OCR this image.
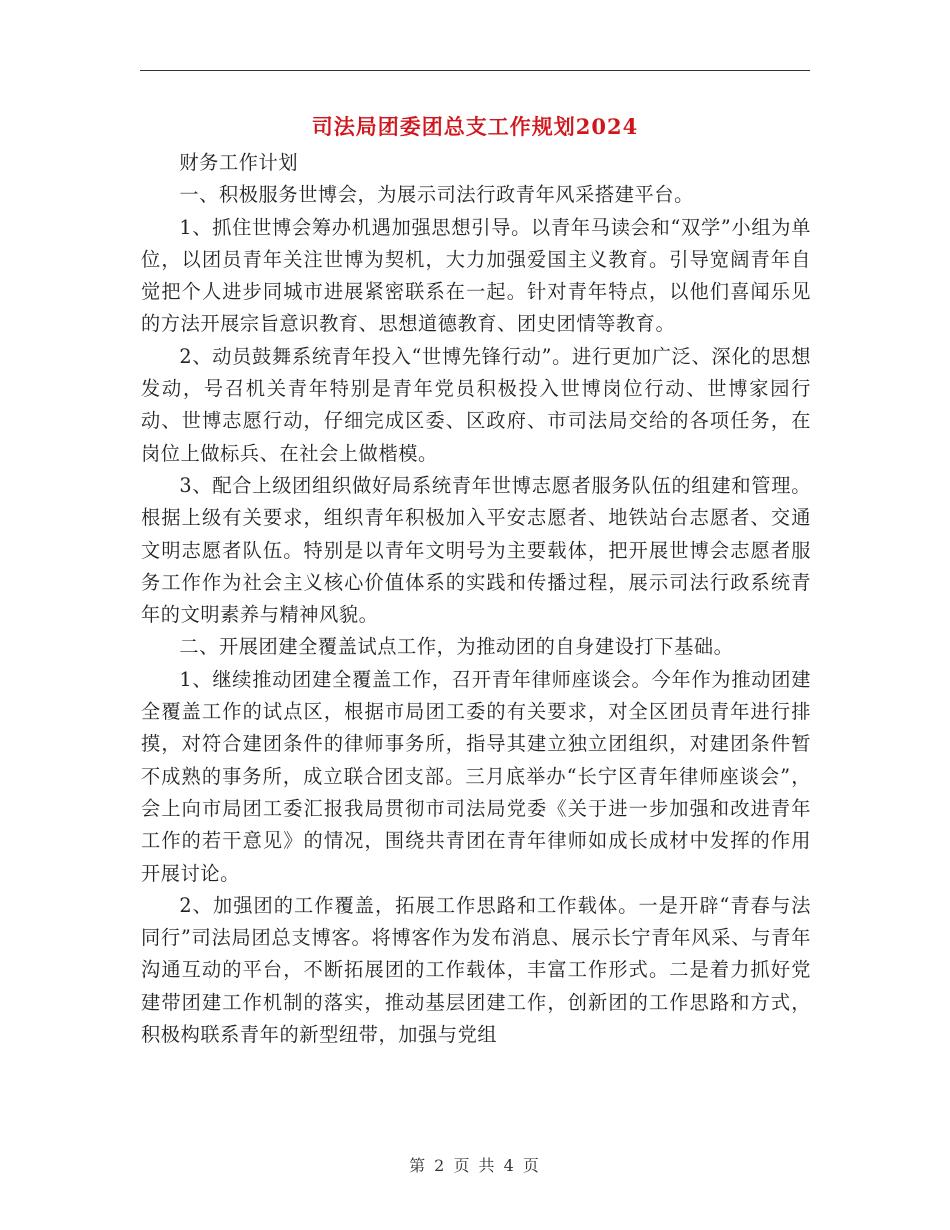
司法局团委团总支工作规划2024

财务工作计划

一、积极服务世博会，为展示司法行政青年风采搭建平台。

1、抓住世博会筹办机遇加强思想引导。以青年马读会和“双学”小组为单位，以团员青年关注世博为契机，大力加强爱国主义教育。引导宽阔青年自觉把个人进步同城市进展紧密联系在一起。针对青年特点，以他们喜闻乐见的方法开展宗旨意识教育、思想道德教育、团史团情等教育。

2、动员鼓舞系统青年投入“世博先锋行动”。进行更加广泛、深化的思想发动，号召机关青年特别是青年党员积极投入世博岗位行动、世博家园行动、世博志愿行动，仔细完成区委、区政府、市司法局交给的各项任务，在岗位上做标兵、在社会上做楷模。

3、配合上级团组织做好局系统青年世博志愿者服务队伍的组建和管理。根据上级有关要求，组织青年积极加入平安志愿者、地铁站台志愿者、交通文明志愿者队伍。特别是以青年文明号为主要载体，把开展世博会志愿者服务工作作为社会主义核心价值体系的实践和传播过程，展示司法行政系统青年的文明素养与精神风貌。

二、开展团建全覆盖试点工作，为推动团的自身建设打下基础。

1、继续推动团建全覆盖工作，召开青年律师座谈会。今年作为推动团建全覆盖工作的试点区，根据市局团工委的有关要求，对全区团员青年进行排摸，对符合建团条件的律师事务所，指导其建立独立团组织，对建团条件暂不成熟的事务所，成立联合团支部。三月底举办“长宁区青年律师座谈会”，会上向市局团工委汇报我局贯彻市司法局党委《关于进一步加强和改进青年工作的若干意见》的情况，围绕共青团在青年律师如成长成材中发挥的作用开展讨论。

2、加强团的工作覆盖，拓展工作思路和工作载体。一是开辟“青春与法同行”司法局团总支博客。将博客作为发布消息、展示长宁青年风采、与青年沟通互动的平台，不断拓展团的工作载体，丰富工作形式。二是着力抓好党建带团建工作机制的落实，推动基层团建工作，创新团的工作思路和方式，积极构联系青年的新型纽带，加强与党组

第 2 页 共 4 页
